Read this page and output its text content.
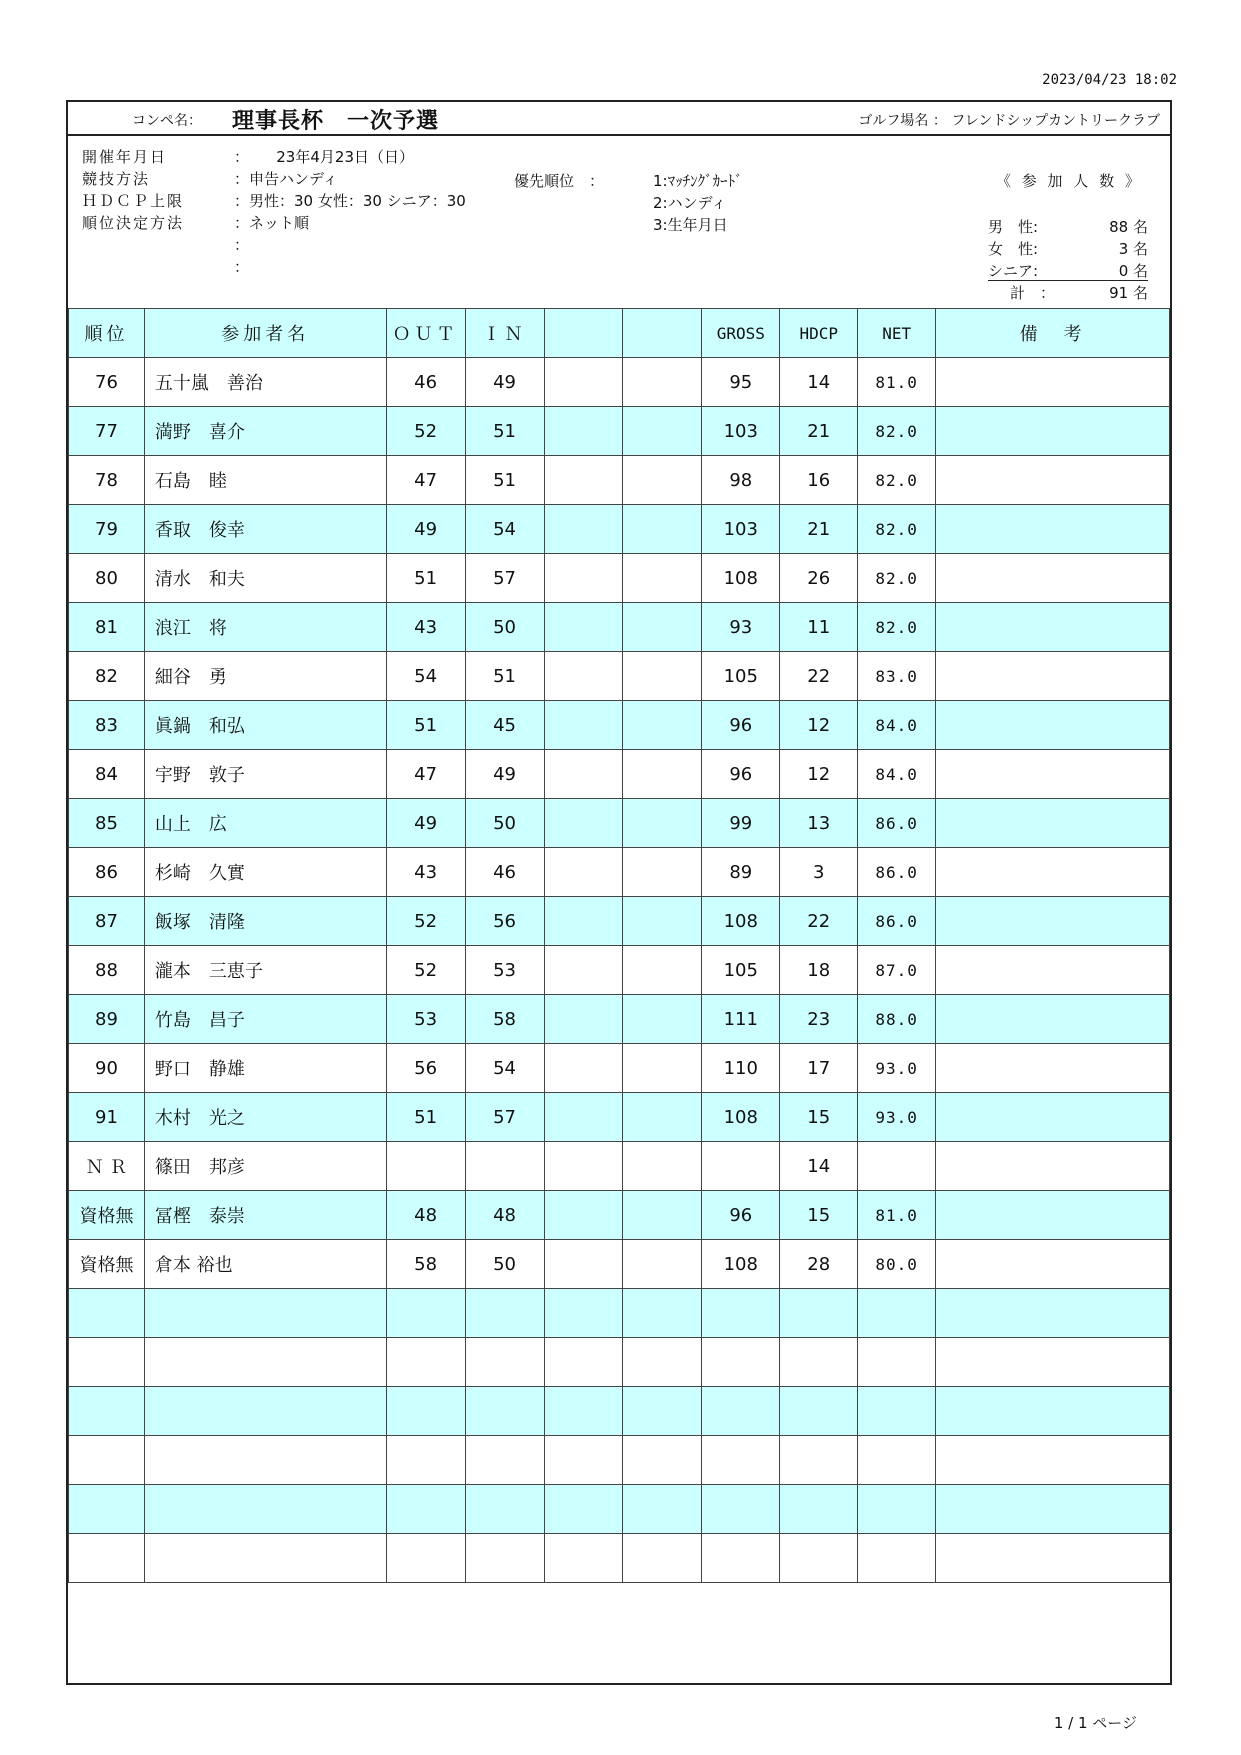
2023/04/23 18:02
コンペ名： 理事長杯　一次予選	ゴルフ場名 ： フレンドシップカントリークラブ
開催年月日	：　　 23年4月23日（日）
競技方法	：申告ハンディ
ＨＤＣＰ上限	：男性：30 女性：30 シニア：30
順位決定方法	：ネット順
：
：
優先順位　：	1:ﾏｯﾁﾝｸﾞｶｰﾄﾞ
2:ハンディ
3:生年月日
《 参 加 人 数 》
男　性:	88 名
女　性:	3 名
シニア:	0 名
計　：	91 名
順位	参加者名	ＯＵＴ	ＩＮ			GROSS	HDCP	NET	備　考
76	五十嵐　善治	46	49			95	14	81.0	
77	満野　喜介	52	51			103	21	82.0	
78	石島　睦	47	51			98	16	82.0	
79	香取　俊幸	49	54			103	21	82.0	
80	清水　和夫	51	57			108	26	82.0	
81	浪江　将	43	50			93	11	82.0	
82	細谷　勇	54	51			105	22	83.0	
83	眞鍋　和弘	51	45			96	12	84.0	
84	宇野　敦子	47	49			96	12	84.0	
85	山上　広	49	50			99	13	86.0	
86	杉崎　久實	43	46			89	3	86.0	
87	飯塚　清隆	52	56			108	22	86.0	
88	瀧本　三恵子	52	53			105	18	87.0	
89	竹島　昌子	53	58			111	23	88.0	
90	野口　静雄	56	54			110	17	93.0	
91	木村　光之	51	57			108	15	93.0	
Ｎ Ｒ	篠田　邦彦						14		
資格無	冨樫　泰崇	48	48			96	15	81.0	
資格無	倉本 裕也	58	50			108	28	80.0	

1 / 1 ページ
